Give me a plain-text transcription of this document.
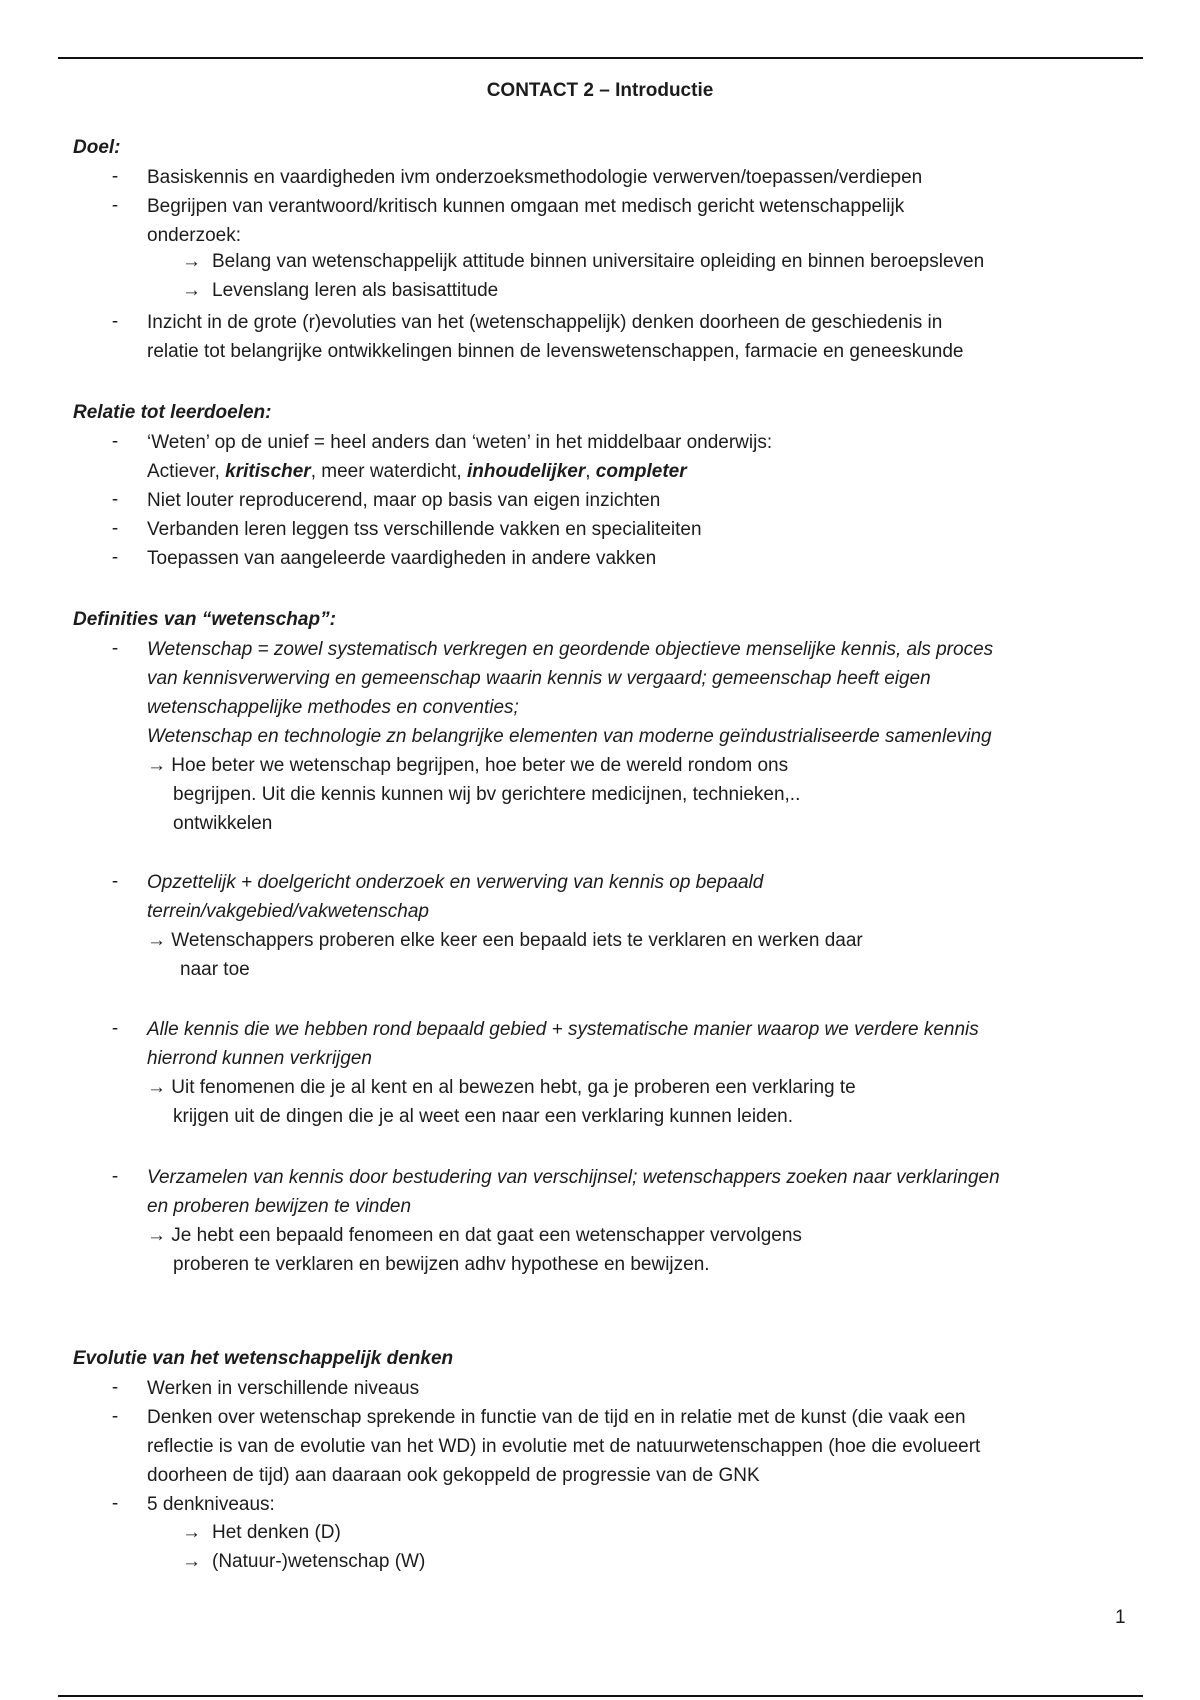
CONTACT 2 – Introductie
Doel:
- Basiskennis en vaardigheden ivm onderzoeksmethodologie verwerven/toepassen/verdiepen
- Begrijpen van verantwoord/kritisch kunnen omgaan met medisch gericht wetenschappelijk
onderzoek:
→ Belang van wetenschappelijk attitude binnen universitaire opleiding en binnen beroepsleven
→ Levenslang leren als basisattitude
- Inzicht in de grote (r)evoluties van het (wetenschappelijk) denken doorheen de geschiedenis in
relatie tot belangrijke ontwikkelingen binnen de levenswetenschappen, farmacie en geneeskunde
Relatie tot leerdoelen:
- ‘Weten’ op de unief = heel anders dan ‘weten’ in het middelbaar onderwijs:
Actiever, kritischer, meer waterdicht, inhoudelijker, completer
- Niet louter reproducerend, maar op basis van eigen inzichten
- Verbanden leren leggen tss verschillende vakken en specialiteiten
- Toepassen van aangeleerde vaardigheden in andere vakken
Definities van “wetenschap”:
- Wetenschap = zowel systematisch verkregen en geordende objectieve menselijke kennis, als proces
van kennisverwerving en gemeenschap waarin kennis w vergaard; gemeenschap heeft eigen
wetenschappelijke methodes en conventies;
Wetenschap en technologie zn belangrijke elementen van moderne geïndustrialiseerde samenleving
→ Hoe beter we wetenschap begrijpen, hoe beter we de wereld rondom ons
begrijpen. Uit die kennis kunnen wij bv gerichtere medicijnen, technieken,..
ontwikkelen
- Opzettelijk + doelgericht onderzoek en verwerving van kennis op bepaald
terrein/vakgebied/vakwetenschap
→ Wetenschappers proberen elke keer een bepaald iets te verklaren en werken daar
naar toe
- Alle kennis die we hebben rond bepaald gebied + systematische manier waarop we verdere kennis
hierrond kunnen verkrijgen
→ Uit fenomenen die je al kent en al bewezen hebt, ga je proberen een verklaring te
krijgen uit de dingen die je al weet een naar een verklaring kunnen leiden.
- Verzamelen van kennis door bestudering van verschijnsel; wetenschappers zoeken naar verklaringen
en proberen bewijzen te vinden
→ Je hebt een bepaald fenomeen en dat gaat een wetenschapper vervolgens
proberen te verklaren en bewijzen adhv hypothese en bewijzen.
Evolutie van het wetenschappelijk denken
- Werken in verschillende niveaus
- Denken over wetenschap sprekende in functie van de tijd en in relatie met de kunst (die vaak een
reflectie is van de evolutie van het WD) in evolutie met de natuurwetenschappen (hoe die evolueert
doorheen de tijd) aan daaraan ook gekoppeld de progressie van de GNK
- 5 denkniveaus:
→ Het denken (D)
→ (Natuur-)wetenschap (W)
1
